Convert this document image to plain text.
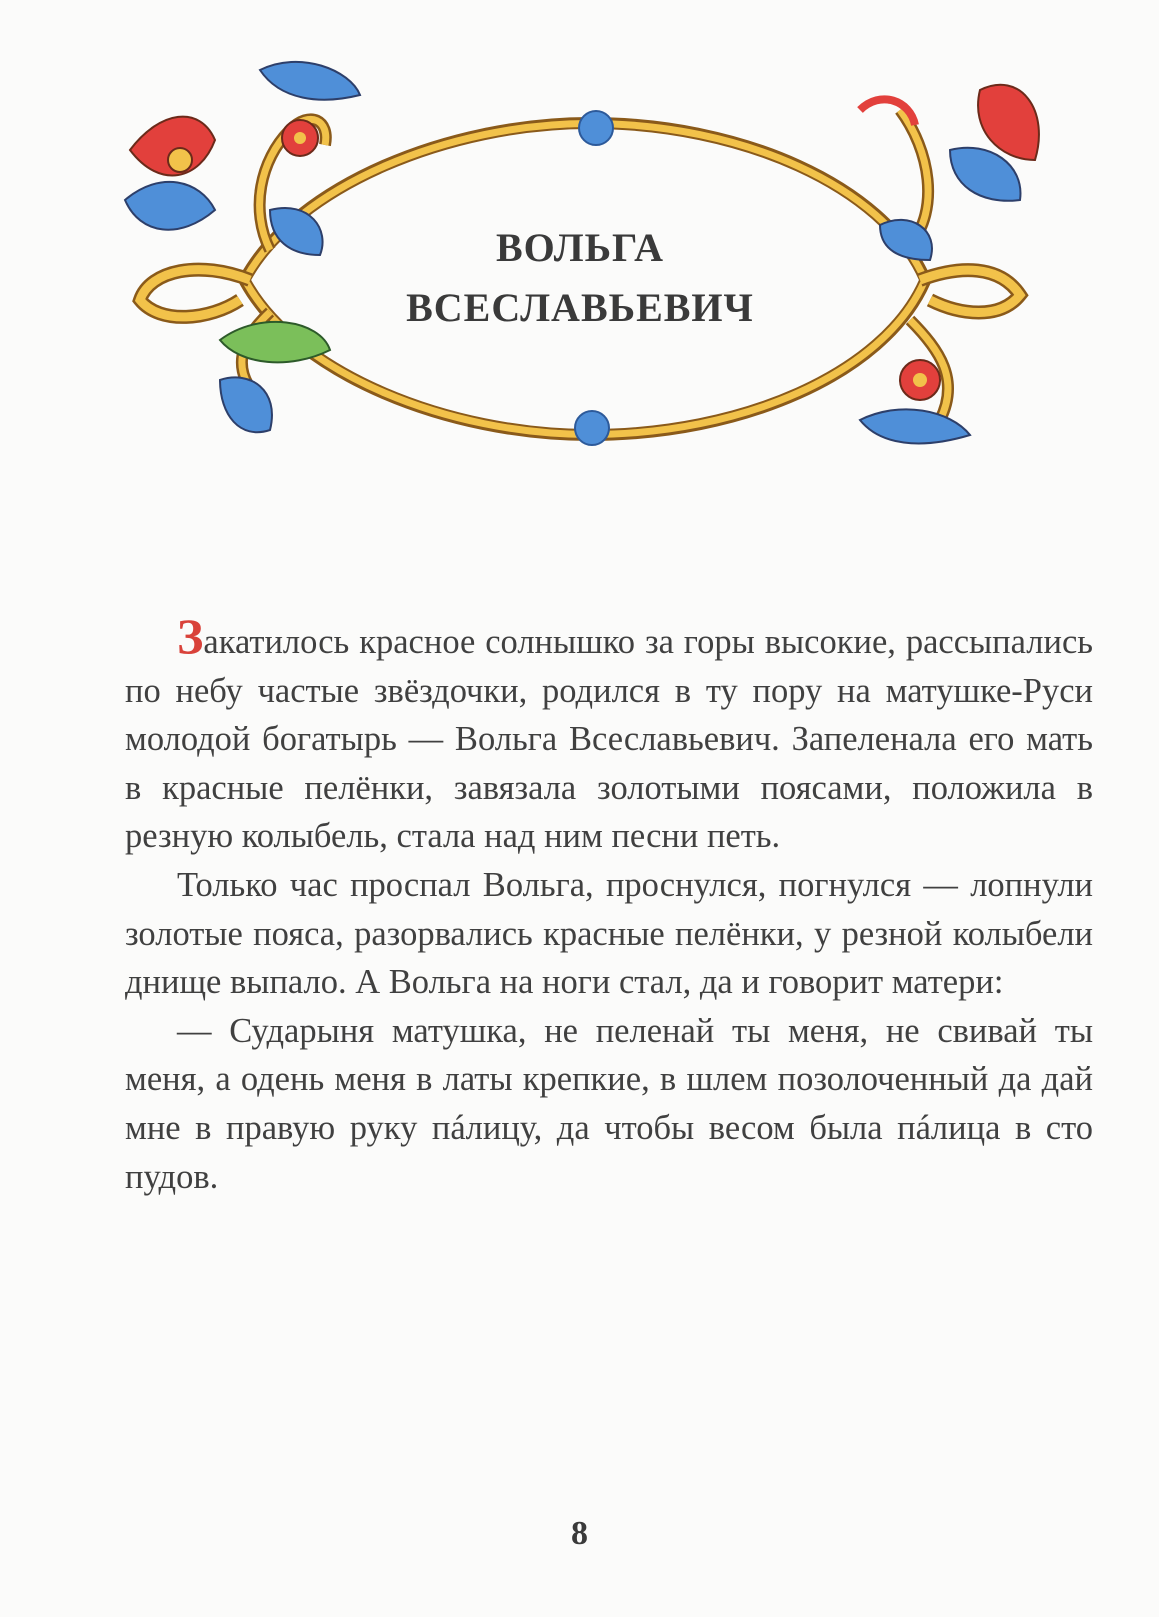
ВОЛЬГА
ВСЕСЛАВЬЕВИЧ

Закатилось красное солнышко за горы высокие, рассыпались по небу частые звёздочки, родился в ту пору на матушке-Руси молодой богатырь — Вольга Всеславьевич. Запеленала его мать в красные пелёнки, завязала золотыми поясами, положила в резную колыбель, стала над ним песни петь.

Только час проспал Вольга, проснулся, погнулся — лопнули золотые пояса, разорвались красные пелёнки, у резной колыбели днище выпало. А Вольга на ноги стал, да и говорит матери:

— Сударыня матушка, не пеленай ты меня, не свивай ты меня, а одень меня в латы крепкие, в шлем позолоченный да дай мне в правую руку пáлицу, да чтобы весом была пáлица в сто пудов.

8
